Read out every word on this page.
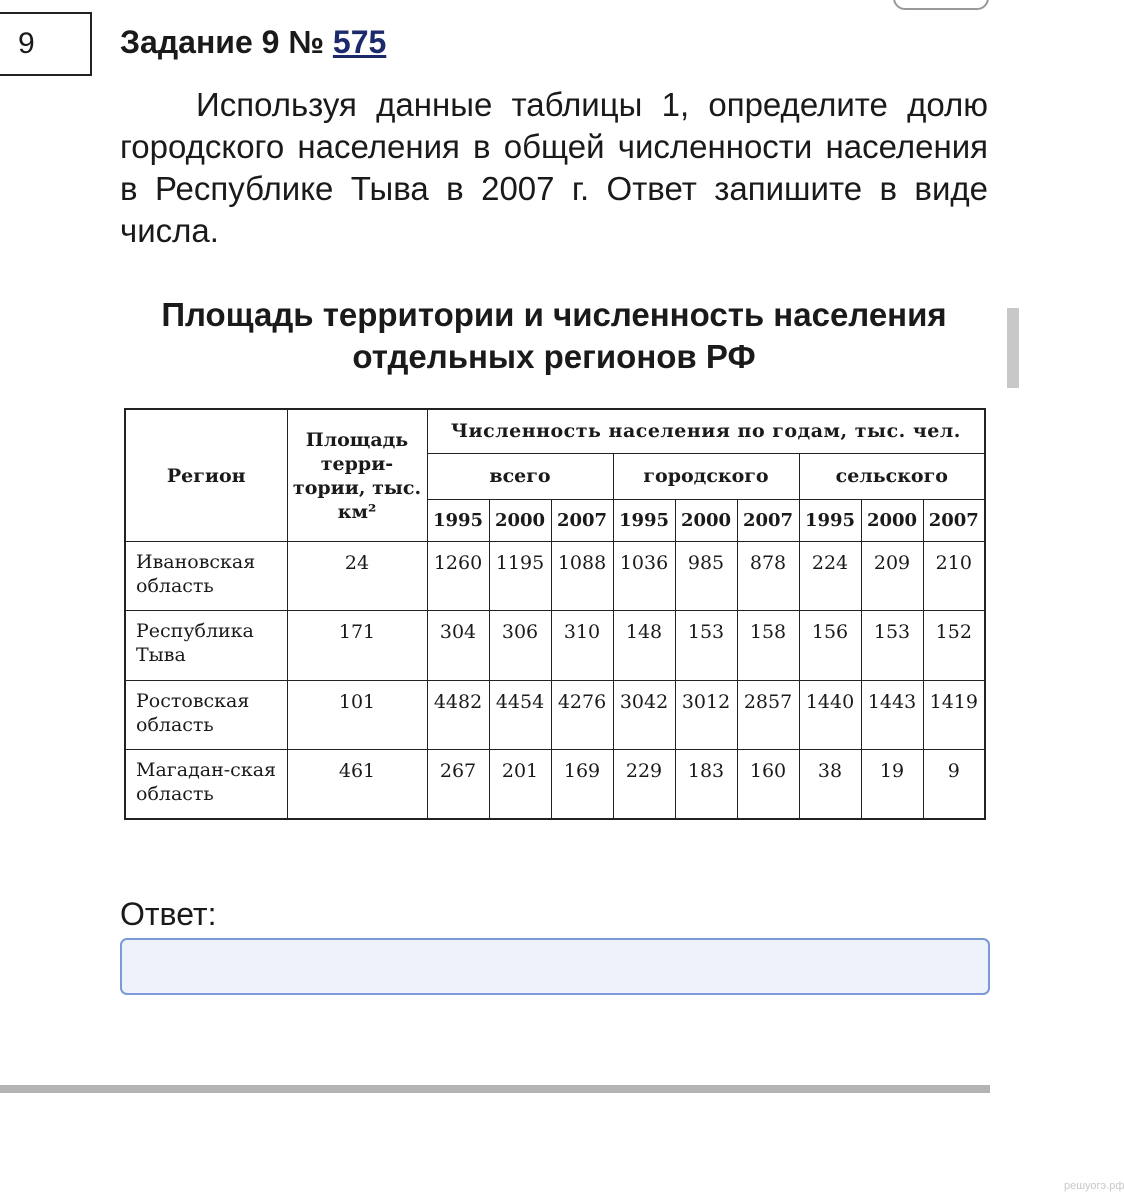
9	Задание 9 № 575

Используя данные таблицы 1, определите долю городского населения в общей численности населения в Республике Тыва в 2007 г. Ответ запишите в виде числа.

Площадь территории и численность населения
отдельных регионов РФ
Регион	Площадь терри-тории, тыс. км²	Численность населения по годам, тыс. чел.								
		всего			городского			сельского		
		1995	2000	2007	1995	2000	2007	1995	2000	2007
Ивановская область	24	1260	1195	1088	1036	985	878	224	209	210
Республика Тыва	171	304	306	310	148	153	158	156	153	152
Ростовская область	101	4482	4454	4276	3042	3012	2857	1440	1443	1419
Магадан-ская область	461	267	201	169	229	183	160	38	19	9
решуогэ.рф
Ответ:
